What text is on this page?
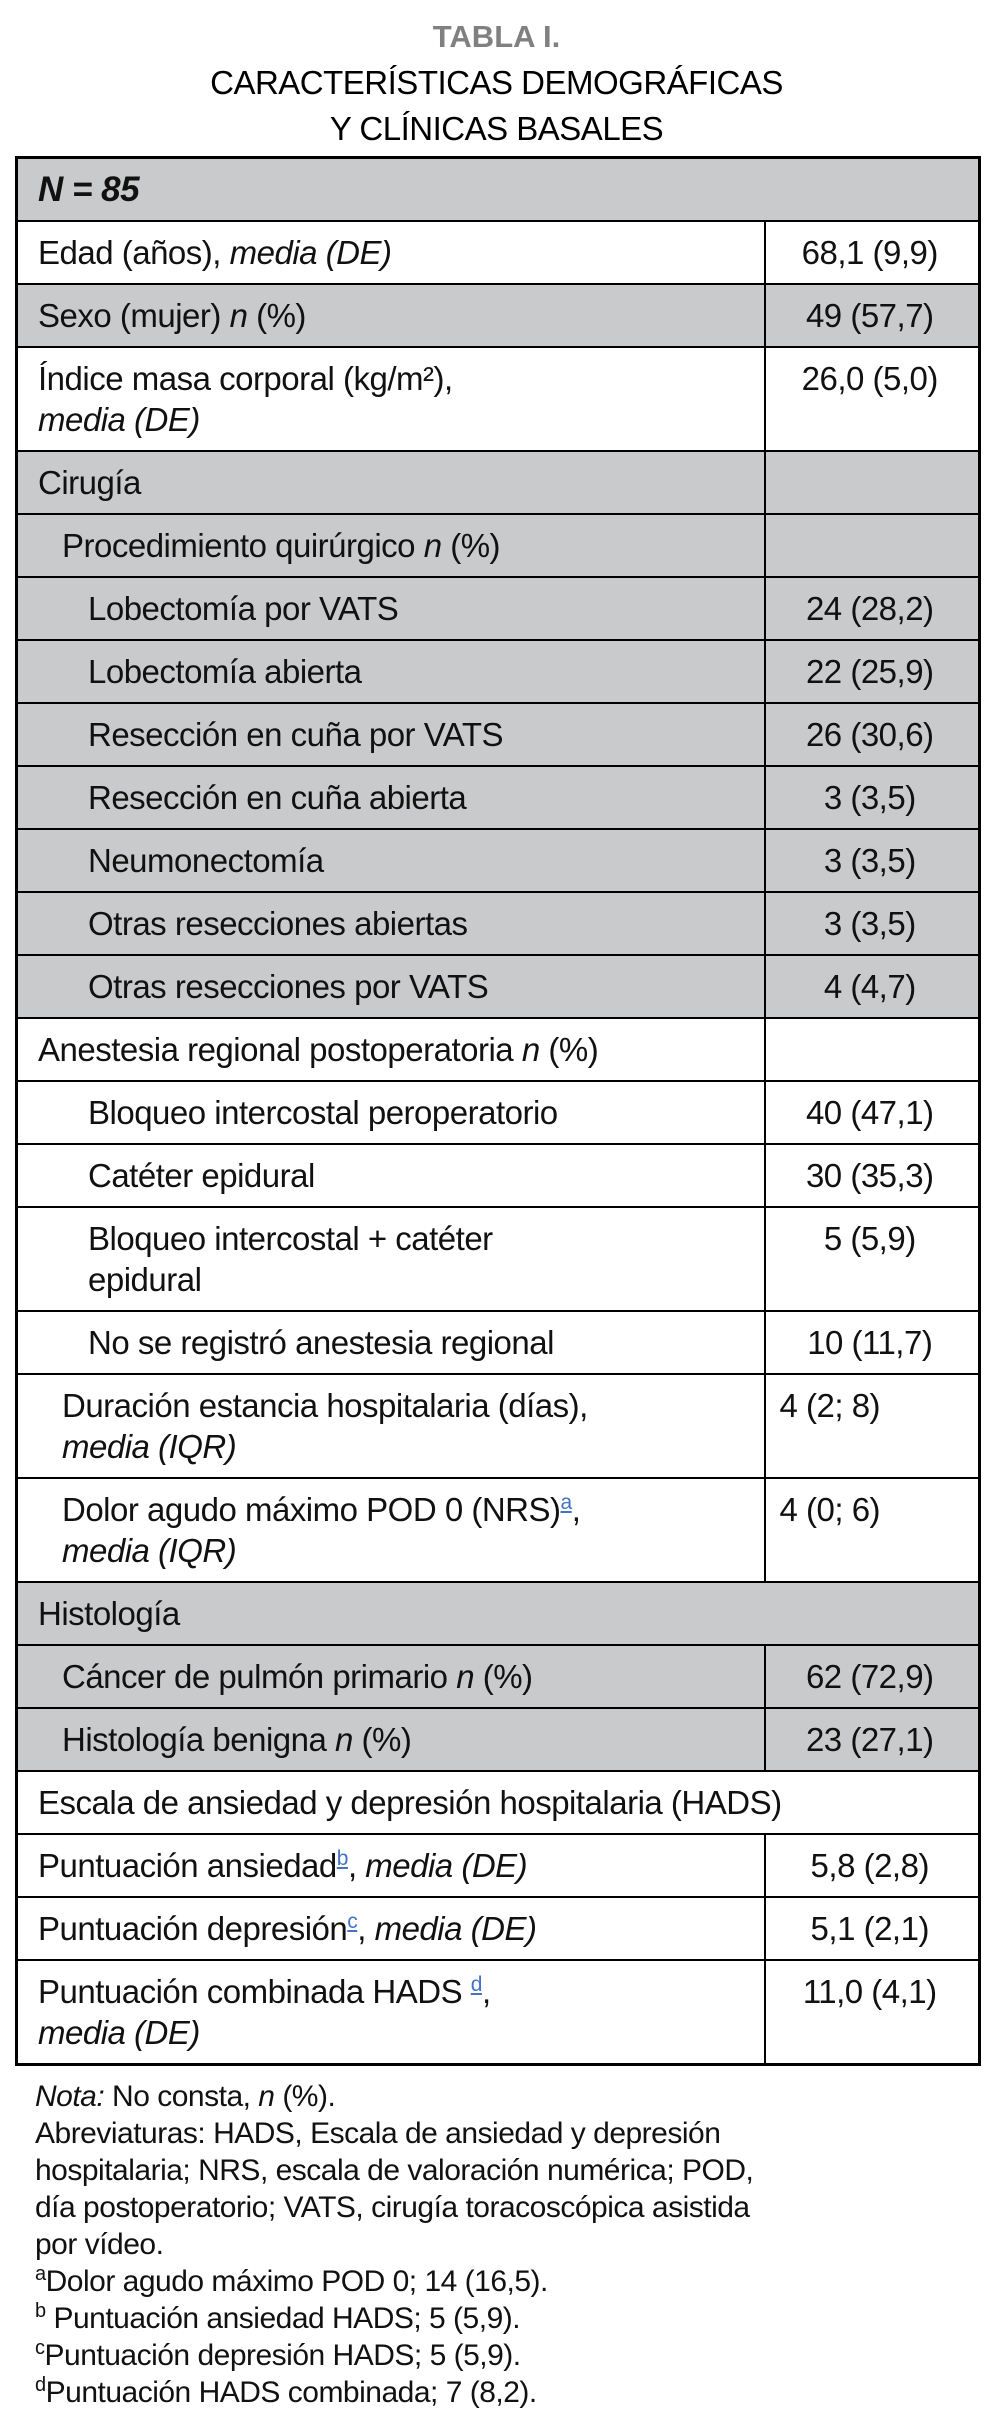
TABLA I.
CARACTERÍSTICAS DEMOGRÁFICAS
Y CLÍNICAS BASALES
N = 85	
Edad (años), media (DE)	68,1 (9,9)
Sexo (mujer) n (%)	49 (57,7)
Índice masa corporal (kg/m²),
media (DE)	26,0 (5,0)
Cirugía	
Procedimiento quirúrgico n (%)	
Lobectomía por VATS	24 (28,2)
Lobectomía abierta	22 (25,9)
Resección en cuña por VATS	26 (30,6)
Resección en cuña abierta	3 (3,5)
Neumonectomía	3 (3,5)
Otras resecciones abiertas	3 (3,5)
Otras resecciones por VATS	4 (4,7)
Anestesia regional postoperatoria n (%)	
Bloqueo intercostal peroperatorio	40 (47,1)
Catéter epidural	30 (35,3)
Bloqueo intercostal + catéter
epidural	5 (5,9)
No se registró anestesia regional	10 (11,7)
Duración estancia hospitalaria (días),
media (IQR)	4 (2; 8)
Dolor agudo máximo POD 0 (NRS)$^a$,
media (IQR)	4 (0; 6)
Histología	
Cáncer de pulmón primario n (%)	62 (72,9)
Histología benigna n (%)	23 (27,1)
Escala de ansiedad y depresión hospitalaria (HADS)	
Puntuación ansiedad$^b$, media (DE)	5,8 (2,8)
Puntuación depresión$^c$, media (DE)	5,1 (2,1)
Puntuación combinada HADS $^d$,
media (DE)	11,0 (4,1)
Nota: No consta, n (%).
Abreviaturas: HADS, Escala de ansiedad y depresión
hospitalaria; NRS, escala de valoración numérica; POD,
día postoperatorio; VATS, cirugía toracoscópica asistida
por vídeo.
$^a$Dolor agudo máximo POD 0; 14 (16,5).
$^b$ Puntuación ansiedad HADS; 5 (5,9).
$^c$Puntuación depresión HADS; 5 (5,9).
$^d$Puntuación HADS combinada; 7 (8,2).
